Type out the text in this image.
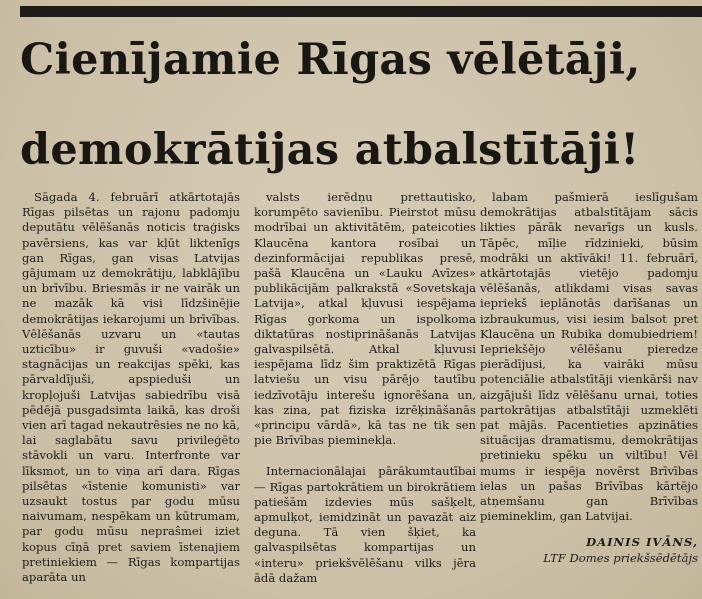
Cienījamie Rīgas vēlētāji,
demokrātijas atbalstītāji!

Sāgada 4. februārī atkārtotajās Rīgas pilsētas un rajonu padomju deputātu vēlēšanās noticis traģisks pavērsiens, kas var kļūt liktenīgs gan Rīgas, gan visas Latvijas gājumam uz demokrātiju, labklājību un brīvību. Briesmās ir ne vairāk un ne mazāk kā visi līdzšinējie demokrātijas iekarojumi un brīvības. Vēlēšanās uzvaru un «tautas uzticību» ir guvuši «vadošie» stagnācijas un reakcijas spēki, kas pārvaldījuši, apspieduši un kropļojuši Latvijas sabiedrību visā pēdējā pusgadsimta laikā, kas droši vien arī tagad nekautrēsies ne no kā, lai saglabātu savu privileģēto stāvokli un varu. Interfronte var līksmot, un to viņa arī dara. Rīgas pilsētas «īstenie komunisti» var uzsaukt tostus par godu mūsu naivumam, nespēkam un kūtrumam, par godu mūsu nepraŝmei iziet kopus cīņā pret saviem īstenajiem pretiniekiem — Rīgas kompartijas aparāta un

valsts ierēdņu prettautisko, korumpēto savienību. Pieirstot mūsu modrībai un aktivitātēm, pateicoties Klaucēna kantora rosībai un dezinformācijai republikas presē, pašā Klaucēna un «Lauku Avīzes» publikācijām palkrakstā «Sovetskaja Latvija», atkal kļuvusi iespējama Rīgas gorkoma un ispolkoma diktatūras nostiprināšanās Latvijas galvaspilsētā. Atkal kļuvusi iespējama līdz šim praktizētā Rīgas latviešu un visu pārējo tautību iedzīvotāju interešu ignorēšana un, kas zina, pat fiziska izrēķināšanās «principu vārdā», kā tas ne tik sen pie Brīvības pieminekļa.

Internacionālajai pārākumtautībai — Rīgas partokrātiem un birokrātiem patiešām izdevies mūs sašķelt, apmulķot, iemidzināt un pavazāt aiz deguna. Tā vien šķiet, ka galvaspilsētas kompartijas un «interu» priekšvēlēšanu vilks jēra ādā dažam

labam pašmierā ieslīgušam demokrātijas atbalstītājam sācis likties pārāk nevarīgs un kusls. Tāpēc, mīļie rīdzinieki, būsim modrāki un aktīvāki! 11. februārī, atkārtotajās vietējo padomju vēlēšanās, atlikdami visas savas iepriekš ieplānotās darīšanas un izbraukumus, visi iesim balsot pret Klaucēna un Rubika domubiedriem! Iepriekšējo vēlēšanu pieredze pierādījusi, ka vairāki mūsu potenciālie atbalstītāji vienkārši nav aizgājuši līdz vēlēšanu urnai, toties partokrātijas atbalstītāji uzmeklēti pat mājās. Pacentieties apzināties situācijas dramatismu, demokrātijas pretinieku spēku un viltību! Vēl mums ir iespēja novērst Brīvības ielas un pašas Brīvības kārtējo atņemšanu gan Brīvības piemineklim, gan Latvijai.

DAINIS IVĀNS,
LTF Domes priekšsēdētājs
